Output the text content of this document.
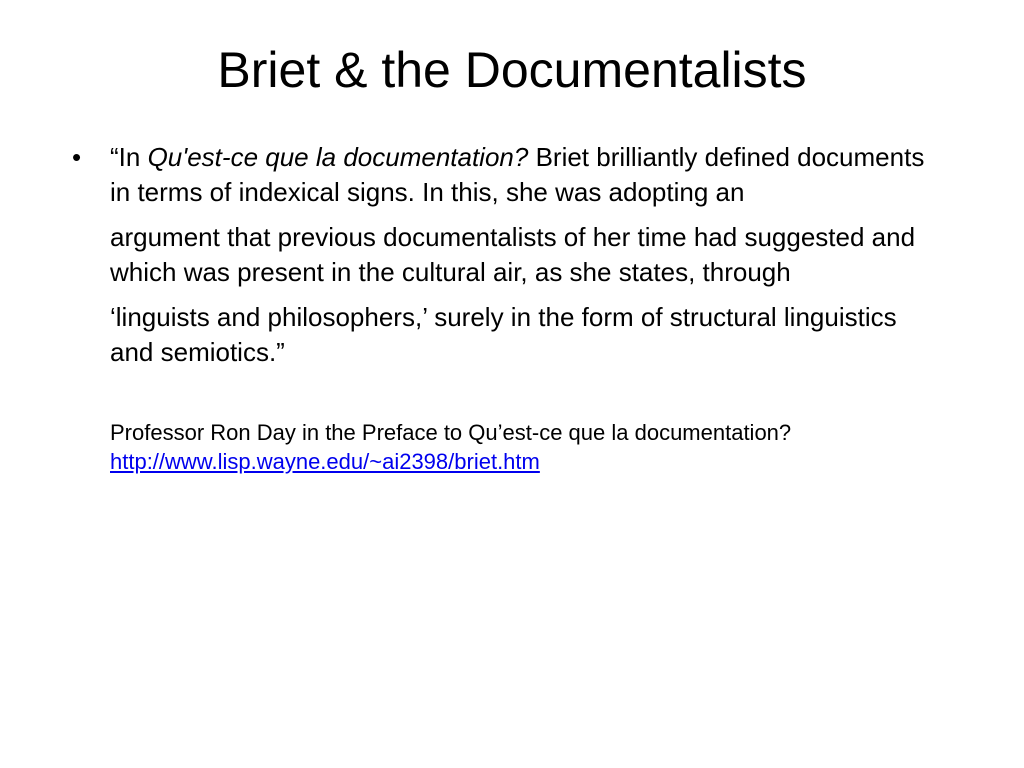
Briet & the Documentalists
• “In Qu'est-ce que la documentation? Briet brilliantly defined documents in terms of indexical signs. In this, she was adopting an

argument that previous documentalists of her time had suggested and which was present in the cultural air, as she states, through

‘linguists and philosophers,’ surely in the form of structural linguistics and semiotics.”

Professor Ron Day in the Preface to Qu’est-ce que la documentation? http://www.lisp.wayne.edu/~ai2398/briet.htm
